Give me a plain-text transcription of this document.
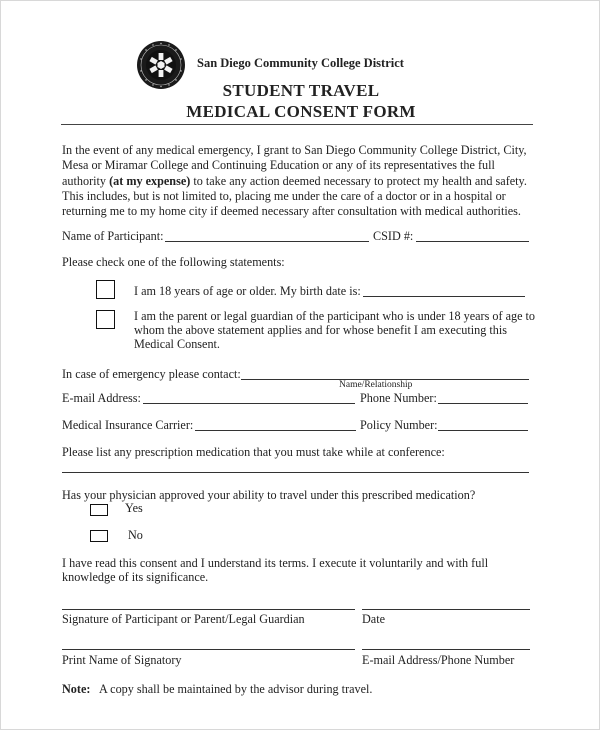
San Diego Community College District
STUDENT TRAVEL
MEDICAL CONSENT FORM

In the event of any medical emergency, I grant to San Diego Community College District, City,

Mesa or Miramar College and Continuing Education or any of its representatives the full

authority (at my expense) to take any action deemed necessary to protect my health and safety.

This includes, but is not limited to, placing me under the care of a doctor or in a hospital or

returning me to my home city if deemed necessary after consultation with medical authorities.

Name of Participant:	CSID #:
Please check one of the following statements:
I am 18 years of age or older. My birth date is:
I am the parent or legal guardian of the participant who is under 18 years of age to
whom the above statement applies and for whose benefit I am executing this
Medical Consent.
In case of emergency please contact:
Name/Relationship
E-mail Address:	Phone Number:
Medical Insurance Carrier:	Policy Number:
Please list any prescription medication that you must take while at conference:
Has your physician approved your ability to travel under this prescribed medication?
Yes
No
I have read this consent and I understand its terms. I execute it voluntarily and with full
knowledge of its significance.
Signature of Participant or Parent/Legal Guardian	Date
Print Name of Signatory	E-mail Address/Phone Number
Note: A copy shall be maintained by the advisor during travel.
